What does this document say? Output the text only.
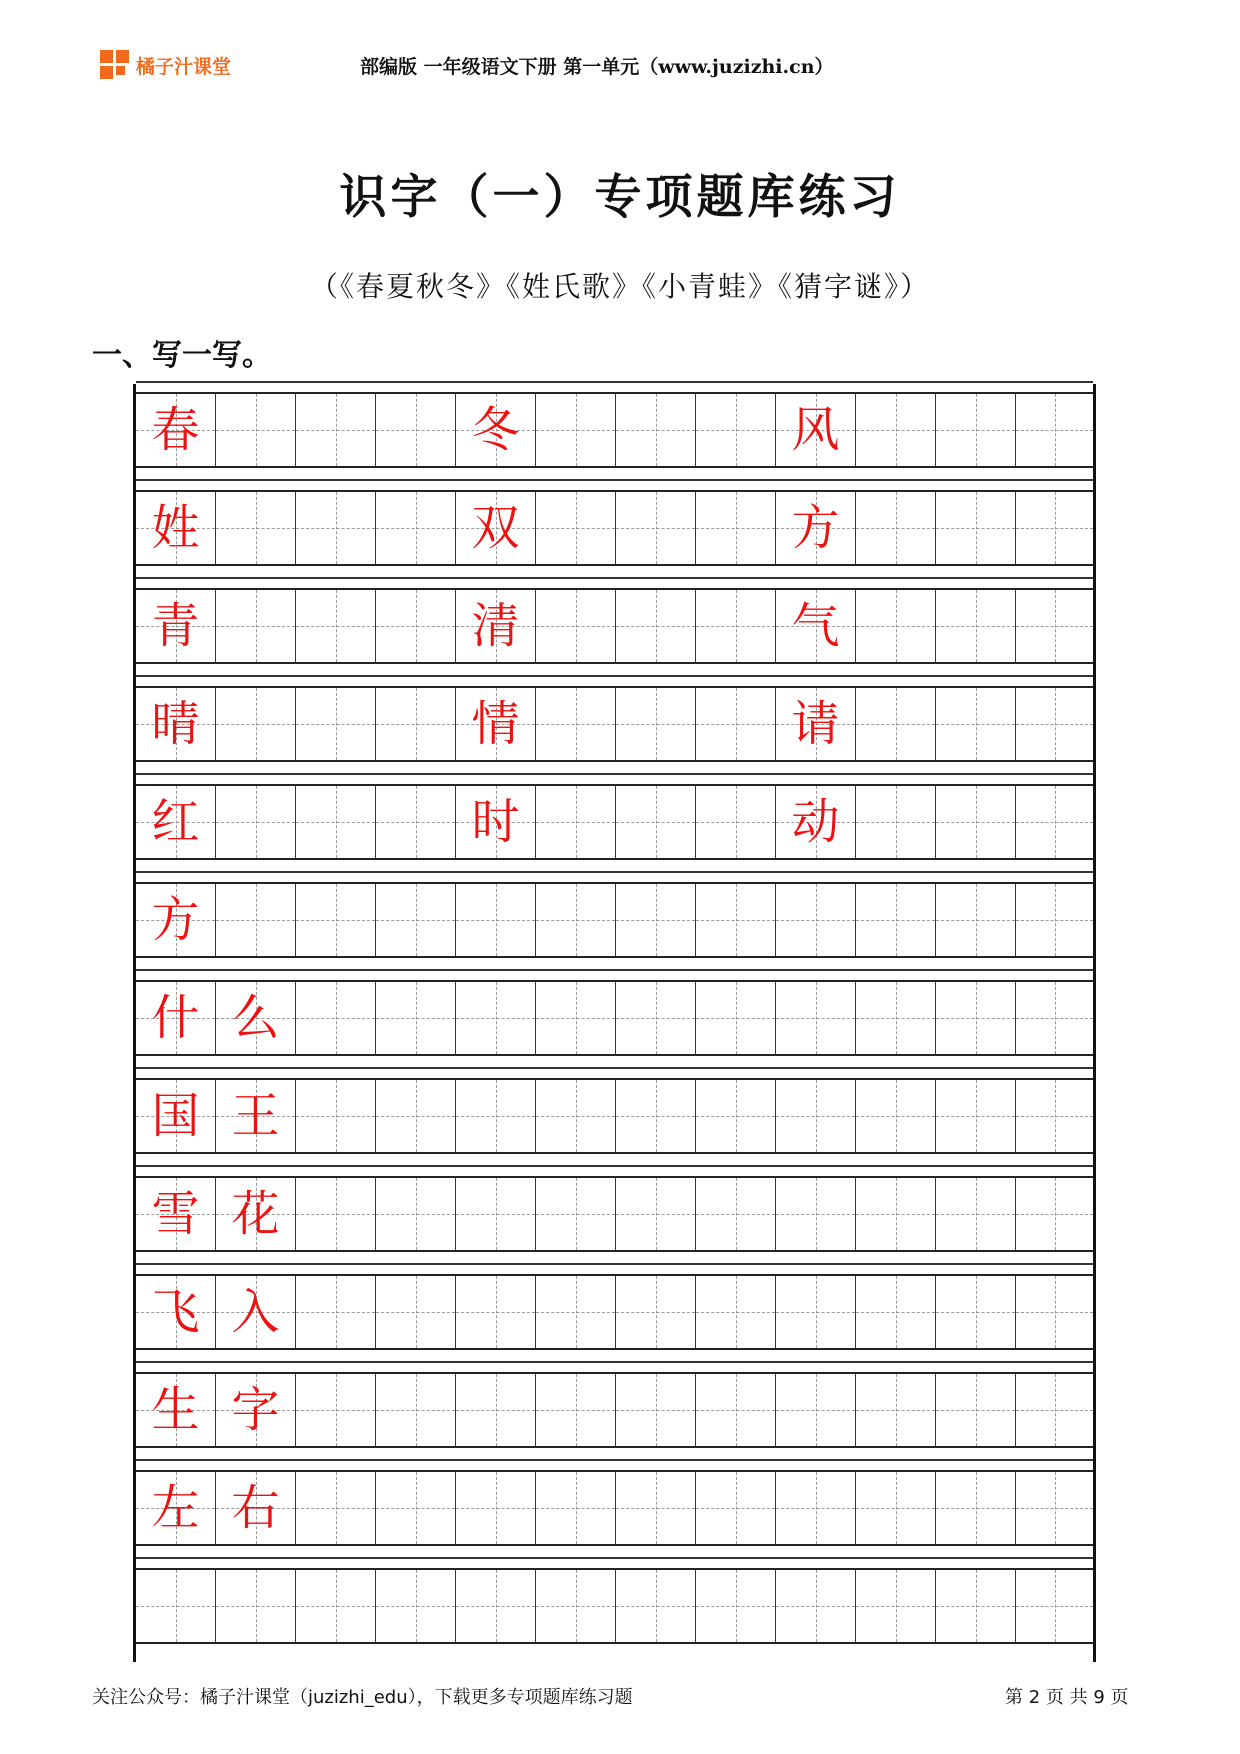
橘子汁课堂	部编版 一年级语文下册 第一单元（www.juzizhi.cn）
识字（一）专项题库练习
（《春夏秋冬》《姓氏歌》《小青蛙》《猜字谜》）
一、写一写。
春	冬	风
姓	双	方
青	清	气
晴	情	请
红	时	动
方
什 么
国 王
雪 花
飞 入
生 字
左 右
关注公众号：橘子汁课堂（juzizhi_edu），下载更多专项题库练习题	第 2 页 共 9 页
